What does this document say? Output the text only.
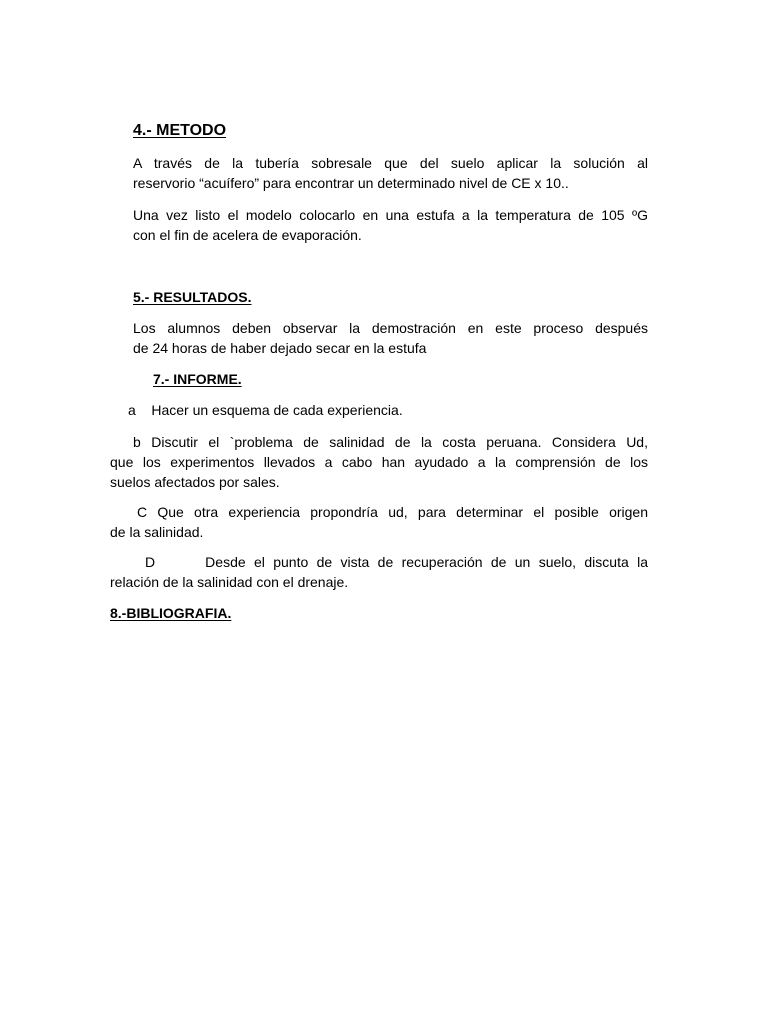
4.- METODO
A través de la tubería sobresale que del suelo aplicar la solución al
reservorio “acuífero” para encontrar un determinado nivel de CE x 10..
Una vez listo el modelo colocarlo en una estufa a la temperatura de 105 ºG
con el fin de acelera de evaporación.
5.- RESULTADOS.
Los alumnos deben observar la demostración en este proceso después
de 24 horas de haber dejado secar en la estufa
7.- INFORME.
a    Hacer un esquema de cada experiencia.
b Discutir el `problema de salinidad de la costa peruana. Considera Ud,
que los experimentos llevados a cabo han ayudado a la comprensión de los
suelos afectados por sales.
C Que otra experiencia propondría ud, para determinar el posible origen
de la salinidad.
D      Desde el punto de vista de recuperación de un suelo, discuta la
relación de la salinidad con el drenaje.
8.-BIBLIOGRAFIA.
